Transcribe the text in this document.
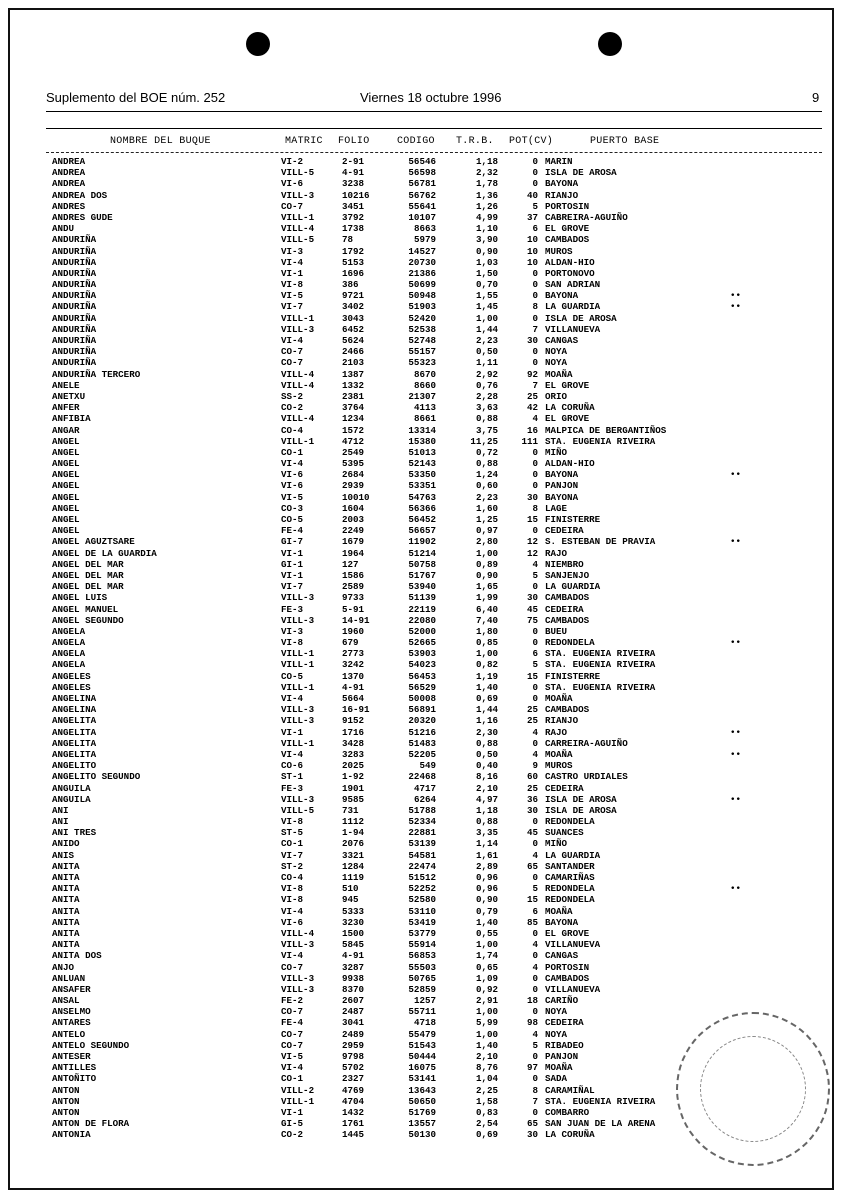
Suplemento del BOE núm. 252	Viernes 18 octubre 1996	9
NOMBRE DEL BUQUE	MATRIC FOLIO	CODIGO T.R.B. POT(CV)	PUERTO BASE
ANDREA	VI-2	2-91	56546	1,18	0 MARIN
ANDREA	VILL-5	4-91	56598	2,32	0 ISLA DE AROSA
ANDREA	VI-6	3238	56781	1,78	0 BAYONA
ANDREA DOS	VILL-3	10216	56762	1,36	40 RIANJO
ANDRES	CO-7	3451	55641	1,26	5 PORTOSIN
ANDRES GUDE	VILL-1	3792	10107	4,99	37 CABREIRA-AGUIÑO
ANDU	VILL-4	1738	8663	1,10	6 EL GROVE
ANDURIÑA	VILL-5	78	5979	3,90	10 CAMBADOS
ANDURIÑA	VI-3	1792	14527	0,90	10 MUROS
ANDURIÑA	VI-4	5153	20730	1,03	10 ALDAN-HIO
ANDURIÑA	VI-1	1696	21386	1,50	0 PORTONOVO
ANDURIÑA	VI-8	386	50699	0,70	0 SAN ADRIAN
ANDURIÑA	VI-5	9721	50948	1,55	0 BAYONA	••
ANDURIÑA	VI-7	3402	51903	1,45	8 LA GUARDIA	••
ANDURIÑA	VILL-1	3043	52420	1,00	0 ISLA DE AROSA
ANDURIÑA	VILL-3	6452	52538	1,44	7 VILLANUEVA
ANDURIÑA	VI-4	5624	52748	2,23	30 CANGAS
ANDURIÑA	CO-7	2466	55157	0,50	0 NOYA
ANDURIÑA	CO-7	2103	55323	1,11	0 NOYA
ANDURIÑA TERCERO	VILL-4	1387	8670	2,92	92 MOAÑA
ANELE	VILL-4	1332	8660	0,76	7 EL GROVE
ANETXU	SS-2	2381	21307	2,28	25 ORIO
ANFER	CO-2	3764	4113	3,63	42 LA CORUÑA
ANFIBIA	VILL-4	1234	8661	0,88	4 EL GROVE
ANGAR	CO-4	1572	13314	3,75	16 MALPICA DE BERGANTIÑOS
ANGEL	VILL-1	4712	15380	11,25	111 STA. EUGENIA RIVEIRA
ANGEL	CO-1	2549	51013	0,72	0 MIÑO
ANGEL	VI-4	5395	52143	0,88	0 ALDAN-HIO
ANGEL	VI-6	2684	53350	1,24	0 BAYONA	••
ANGEL	VI-6	2939	53351	0,60	0 PANJON
ANGEL	VI-5	10010	54763	2,23	30 BAYONA
ANGEL	CO-3	1604	56366	1,60	8 LAGE
ANGEL	CO-5	2003	56452	1,25	15 FINISTERRE
ANGEL	FE-4	2249	56657	0,97	0 CEDEIRA
ANGEL AGUZTSARE	GI-7	1679	11902	2,80	12 S. ESTEBAN DE PRAVIA	••
ANGEL DE LA GUARDIA	VI-1	1964	51214	1,00	12 RAJO
ANGEL DEL MAR	GI-1	127	50758	0,89	4 NIEMBRO
ANGEL DEL MAR	VI-1	1586	51767	0,90	5 SANJENJO
ANGEL DEL MAR	VI-7	2589	53940	1,65	0 LA GUARDIA
ANGEL LUIS	VILL-3	9733	51139	1,99	30 CAMBADOS
ANGEL MANUEL	FE-3	5-91	22119	6,40	45 CEDEIRA
ANGEL SEGUNDO	VILL-3	14-91	22080	7,40	75 CAMBADOS
ANGELA	VI-3	1960	52000	1,80	0 BUEU
ANGELA	VI-8	679	52665	0,85	0 REDONDELA	••
ANGELA	VILL-1	2773	53903	1,00	6 STA. EUGENIA RIVEIRA
ANGELA	VILL-1	3242	54023	0,82	5 STA. EUGENIA RIVEIRA
ANGELES	CO-5	1370	56453	1,19	15 FINISTERRE
ANGELES	VILL-1	4-91	56529	1,40	0 STA. EUGENIA RIVEIRA
ANGELINA	VI-4	5664	50008	0,69	0 MOAÑA
ANGELINA	VILL-3	16-91	56891	1,44	25 CAMBADOS
ANGELITA	VILL-3	9152	20320	1,16	25 RIANJO
ANGELITA	VI-1	1716	51216	2,30	4 RAJO	••
ANGELITA	VILL-1	3428	51483	0,88	0 CARREIRA-AGUIÑO
ANGELITA	VI-4	3283	52205	0,50	4 MOAÑA	••
ANGELITO	CO-6	2025	549	0,40	9 MUROS
ANGELITO SEGUNDO	ST-1	1-92	22468	8,16	60 CASTRO URDIALES
ANGUILA	FE-3	1901	4717	2,10	25 CEDEIRA
ANGUILA	VILL-3	9585	6264	4,97	36 ISLA DE AROSA	••
ANI	VILL-5	731	51788	1,18	30 ISLA DE AROSA
ANI	VI-8	1112	52334	0,88	0 REDONDELA
ANI TRES	ST-5	1-94	22881	3,35	45 SUANCES
ANIDO	CO-1	2076	53139	1,14	0 MIÑO
ANIS	VI-7	3321	54581	1,61	4 LA GUARDIA
ANITA	ST-2	1284	22474	2,89	65 SANTANDER
ANITA	CO-4	1119	51512	0,96	0 CAMARIÑAS
ANITA	VI-8	510	52252	0,96	5 REDONDELA	••
ANITA	VI-8	945	52580	0,90	15 REDONDELA
ANITA	VI-4	5333	53110	0,79	6 MOAÑA
ANITA	VI-6	3230	53419	1,40	85 BAYONA
ANITA	VILL-4	1500	53779	0,55	0 EL GROVE
ANITA	VILL-3	5845	55914	1,00	4 VILLANUEVA
ANITA DOS	VI-4	4-91	56853	1,74	0 CANGAS
ANJO	CO-7	3287	55503	0,65	4 PORTOSIN
ANLUAN	VILL-3	9938	50765	1,09	0 CAMBADOS
ANSAFER	VILL-3	8370	52859	0,92	0 VILLANUEVA
ANSAL	FE-2	2607	1257	2,91	18 CARIÑO
ANSELMO	CO-7	2487	55711	1,00	0 NOYA
ANTARES	FE-4	3041	4718	5,99	98 CEDEIRA
ANTELO	CO-7	2489	55479	1,00	4 NOYA
ANTELO SEGUNDO	CO-7	2959	51543	1,40	5 RIBADEO
ANTESER	VI-5	9798	50444	2,10	0 PANJON
ANTILLES	VI-4	5702	16075	8,76	97 MOAÑA
ANTOÑITO	CO-1	2327	53141	1,04	0 SADA
ANTON	VILL-2	4769	13643	2,25	8 CARAMIÑAL
ANTON	VILL-1	4704	50650	1,58	7 STA. EUGENIA RIVEIRA
ANTON	VI-1	1432	51769	0,83	0 COMBARRO
ANTON DE FLORA	GI-5	1761	13557	2,54	65 SAN JUAN DE LA ARENA
ANTONIA	CO-2	1445	50130	0,69	30 LA CORUÑA
